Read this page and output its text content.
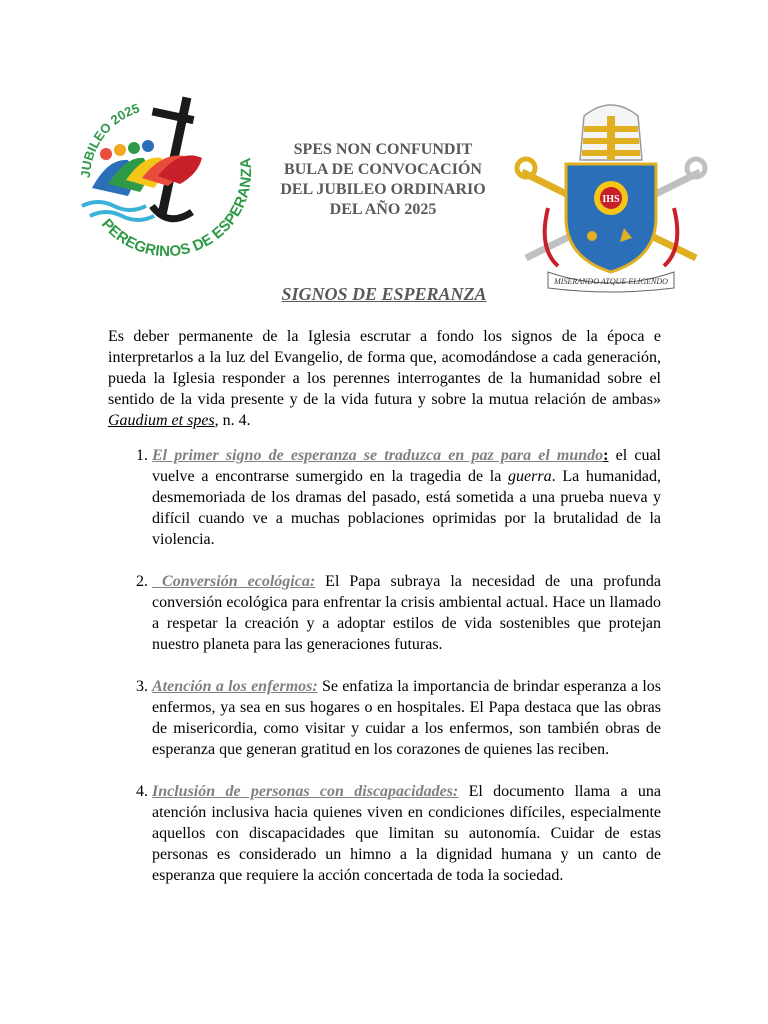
JUBILEO 2025
PEREGRINOS DE ESPERANZA
SPES NON CONFUNDIT
BULA DE CONVOCACIÓN
DEL JUBILEO ORDINARIO
DEL AÑO 2025
IHS
MISERANDO ATQUE ELIGENDO
SIGNOS DE ESPERANZA

Es deber permanente de la Iglesia escrutar a fondo los signos de la época e interpretarlos a la luz del Evangelio, de forma que, acomodándose a cada generación, pueda la Iglesia responder a los perennes interrogantes de la humanidad sobre el sentido de la vida presente y de la vida futura y sobre la mutua relación de ambas» Gaudium et spes, n. 4.

1. El primer signo de esperanza se traduzca en paz para el mundo: el cual vuelve a encontrarse sumergido en la tragedia de la guerra. La humanidad, desmemoriada de los dramas del pasado, está sometida a una prueba nueva y difícil cuando ve a muchas poblaciones oprimidas por la brutalidad de la violencia.
2.  Conversión ecológica: El Papa subraya la necesidad de una profunda conversión ecológica para enfrentar la crisis ambiental actual. Hace un llamado a respetar la creación y a adoptar estilos de vida sostenibles que protejan nuestro planeta para las generaciones futuras.
3. Atención a los enfermos: Se enfatiza la importancia de brindar esperanza a los enfermos, ya sea en sus hogares o en hospitales. El Papa destaca que las obras de misericordia, como visitar y cuidar a los enfermos, son también obras de esperanza que generan gratitud en los corazones de quienes las reciben.
4. Inclusión de personas con discapacidades: El documento llama a una atención inclusiva hacia quienes viven en condiciones difíciles, especialmente aquellos con discapacidades que limitan su autonomía. Cuidar de estas personas es considerado un himno a la dignidad humana y un canto de esperanza que requiere la acción concertada de toda la sociedad.
